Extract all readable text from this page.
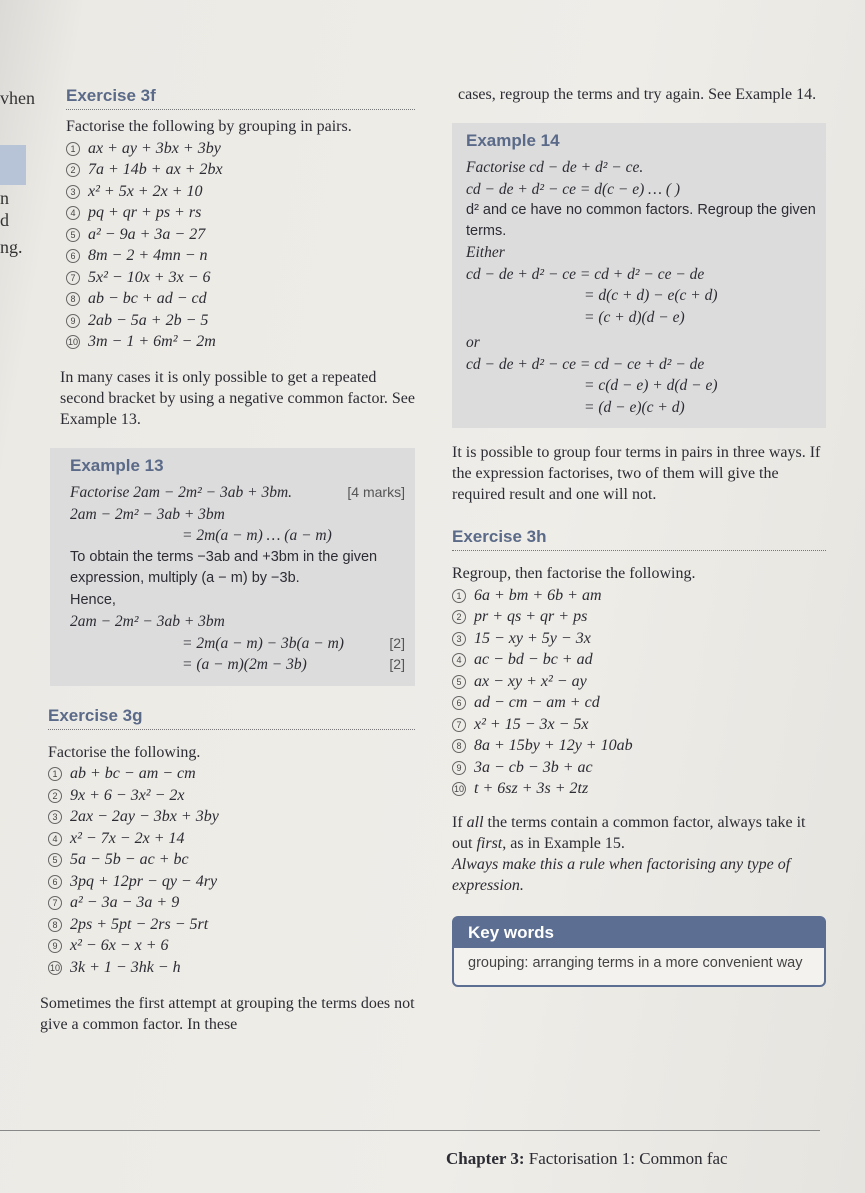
vhen
n
d
ng.
Exercise 3f
Factorise the following by grouping in pairs.
1 ax + ay + 3bx + 3by
2 7a + 14b + ax + 2bx
3 x² + 5x + 2x + 10
4 pq + qr + ps + rs
5 a² − 9a + 3a − 27
6 8m − 2 + 4mn − n
7 5x² − 10x + 3x − 6
8 ab − bc + ad − cd
9 2ab − 5a + 2b − 5
10 3m − 1 + 6m² − 2m
In many cases it is only possible to get a repeated second bracket by using a negative common factor. See Example 13.
Example 13
Factorise 2am − 2m² − 3ab + 3bm.	[4 marks]
2am − 2m² − 3ab + 3bm
= 2m(a − m) … (a − m)
To obtain the terms −3ab and +3bm in the given expression, multiply (a − m) by −3b.
Hence,
2am − 2m² − 3ab + 3bm
= 2m(a − m) − 3b(a − m)	[2]
= (a − m)(2m − 3b)	[2]
Exercise 3g
Factorise the following.
1 ab + bc − am − cm
2 9x + 6 − 3x² − 2x
3 2ax − 2ay − 3bx + 3by
4 x² − 7x − 2x + 14
5 5a − 5b − ac + bc
6 3pq + 12pr − qy − 4ry
7 a² − 3a − 3a + 9
8 2ps + 5pt − 2rs − 5rt
9 x² − 6x − x + 6
10 3k + 1 − 3hk − h
Sometimes the first attempt at grouping the terms does not give a common factor. In these
cases, regroup the terms and try again. See Example 14.
Example 14
Factorise cd − de + d² − ce.
cd − de + d² − ce = d(c − e) … ( )
d² and ce have no common factors. Regroup the given terms.
Either
cd − de + d² − ce = cd + d² − ce − de
= d(c + d) − e(c + d)
= (c + d)(d − e)
or
cd − de + d² − ce = cd − ce + d² − de
= c(d − e) + d(d − e)
= (d − e)(c + d)
It is possible to group four terms in pairs in three ways. If the expression factorises, two of them will give the required result and one will not.
Exercise 3h
Regroup, then factorise the following.
1 6a + bm + 6b + am
2 pr + qs + qr + ps
3 15 − xy + 5y − 3x
4 ac − bd − bc + ad
5 ax − xy + x² − ay
6 ad − cm − am + cd
7 x² + 15 − 3x − 5x
8 8a + 15by + 12y + 10ab
9 3a − cb − 3b + ac
10 t + 6sz + 3s + 2tz
If all the terms contain a common factor, always take it out first, as in Example 15.
Always make this a rule when factorising any type of expression.
Key words
grouping: arranging terms in a more convenient way
Chapter 3: Factorisation 1: Common fac
